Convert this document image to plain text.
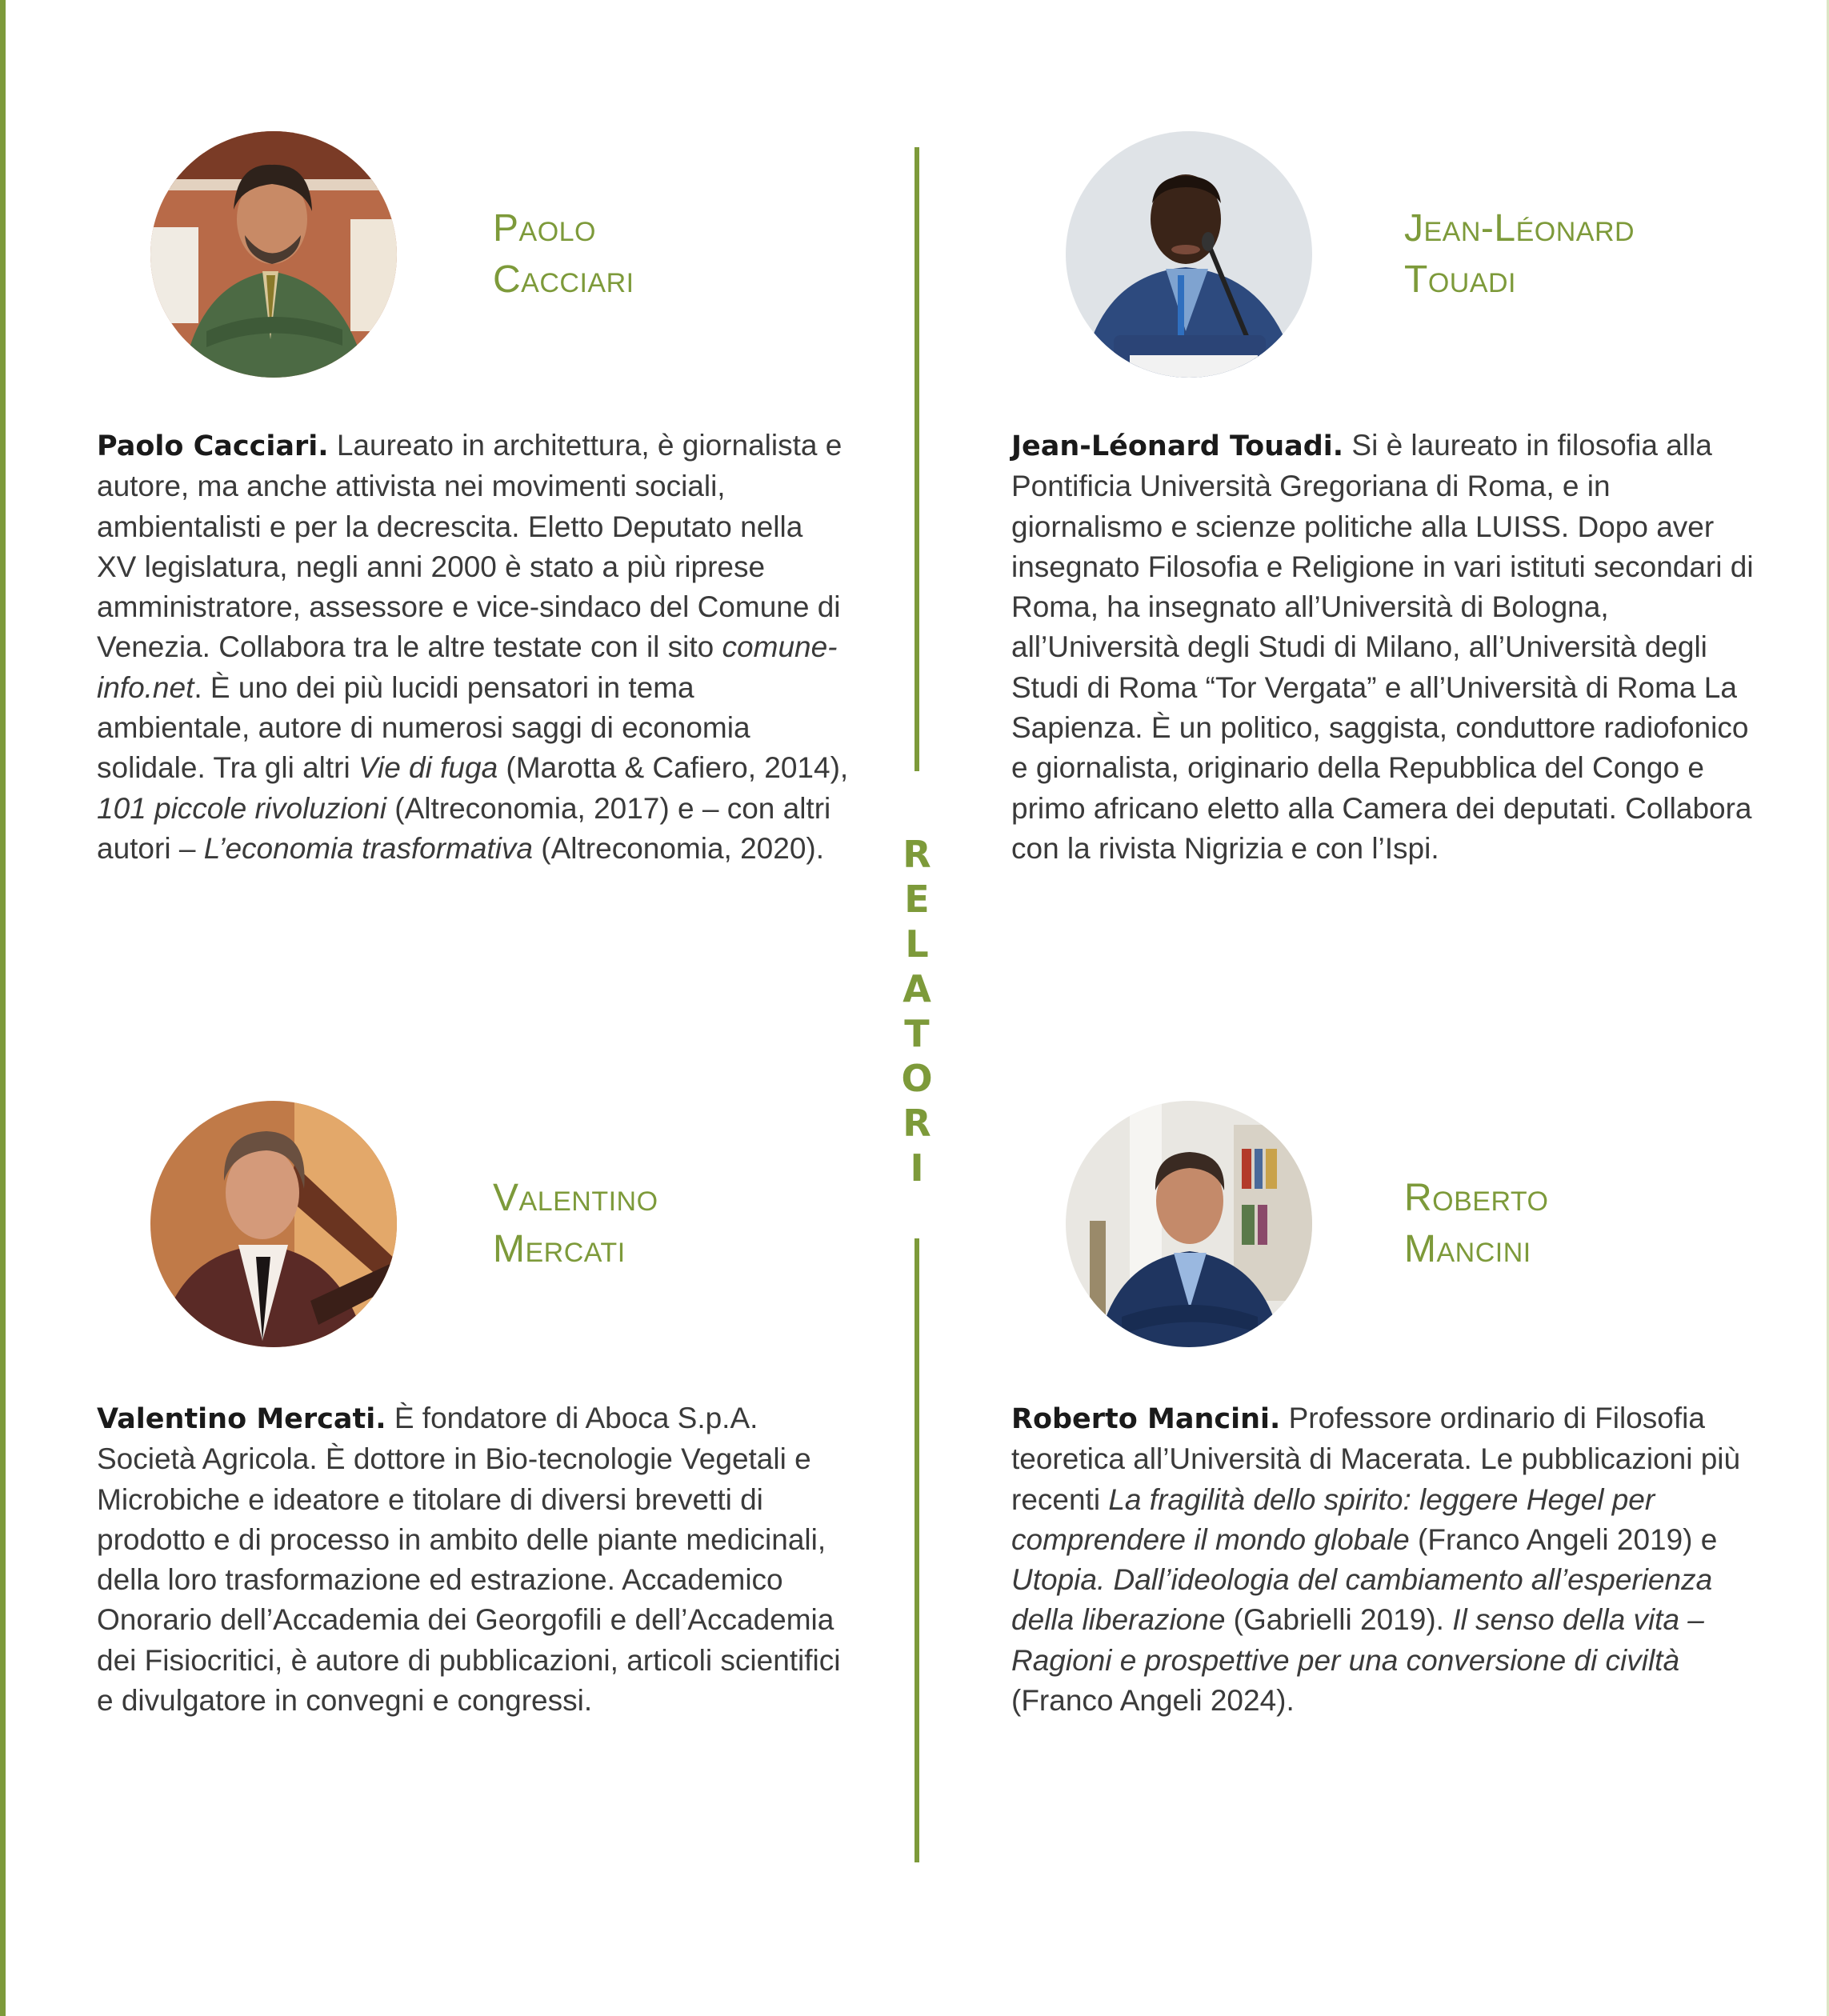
R
E
L
A
T
O
R
I
Paolo
Cacciari
Paolo Cacciari. Laureato in architettura, è giornalista e autore, ma anche attivista nei movimenti sociali, ambientalisti e per la decrescita. Eletto Deputato nella XV legislatura, negli anni 2000 è stato a più riprese amministratore, assessore e vice-sindaco del Comune di Venezia. Collabora tra le altre testate con il sito comune-info.net. È uno dei più lucidi pensatori in tema ambientale, autore di numerosi saggi di economia solidale. Tra gli altri Vie di fuga (Marotta & Cafiero, 2014), 101 piccole rivoluzioni (Altreconomia, 2017) e – con altri autori – L’economia trasformativa (Altreconomia, 2020).
Jean-Léonard
Touadi
Jean-Léonard Touadi. Si è laureato in filosofia alla Pontificia Università Gregoriana di Roma, e in giornalismo e scienze politiche alla LUISS. Dopo aver insegnato Filosofia e Religione in vari istituti secondari di Roma, ha insegnato all’Università di Bologna, all’Università degli Studi di Milano, all’Università degli Studi di Roma “Tor Vergata” e all’Università di Roma La Sapienza. È un politico, saggista, conduttore radiofonico e giornalista, originario della Repubblica del Congo e primo africano eletto alla Camera dei deputati. Collabora con la rivista Nigrizia e con l’Ispi.
Valentino
Mercati
Valentino Mercati. È fondatore di Aboca S.p.A. Società Agricola. È dottore in Bio-tecnologie Vegetali e Microbiche e ideatore e titolare di diversi brevetti di prodotto e di processo in ambito delle piante medicinali, della loro trasformazione ed estrazione. Accademico Onorario dell’Accademia dei Georgofili e dell’Accademia dei Fisiocritici, è autore di pubblicazioni, articoli scientifici e divulgatore in convegni e congressi.
Roberto
Mancini
Roberto Mancini. Professore ordinario di Filosofia teoretica all’Università di Macerata. Le pubblicazioni più recenti La fragilità dello spirito: leggere Hegel per comprendere il mondo globale (Franco Angeli 2019) e Utopia. Dall’ideologia del cambiamento all’esperienza della liberazione (Gabrielli 2019). Il senso della vita – Ragioni e prospettive per una conversione di civiltà (Franco Angeli 2024).
